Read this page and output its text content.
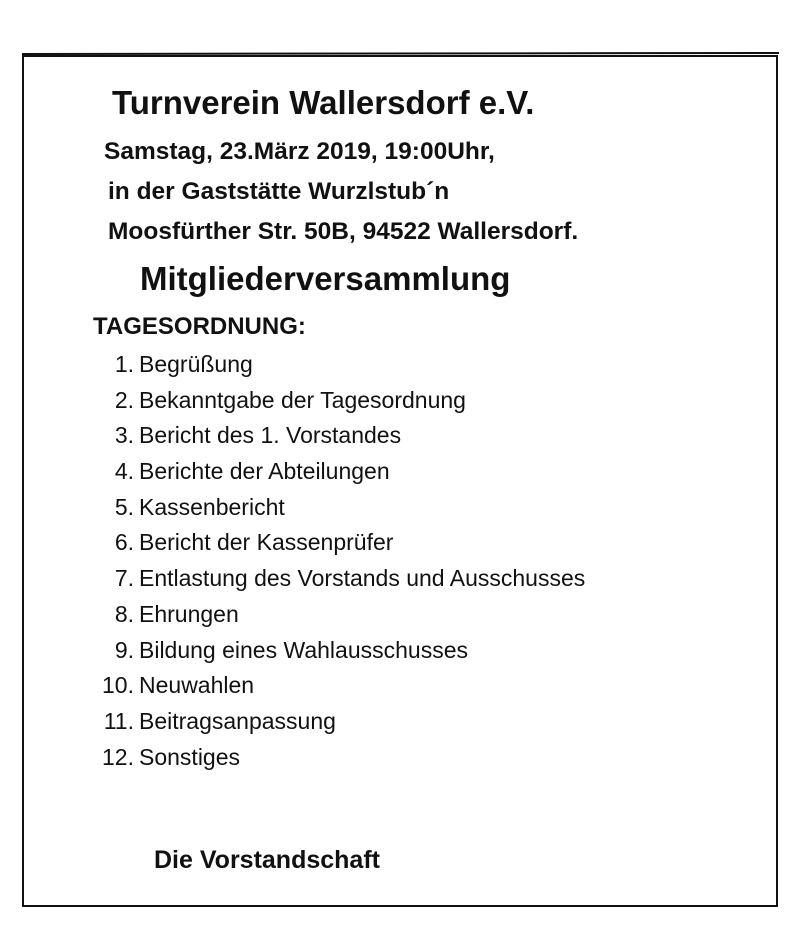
Turnverein Wallersdorf e.V.
Samstag, 23.März 2019, 19:00Uhr,
in der Gaststätte Wurzlstub´n
Moosfürther Str. 50B, 94522 Wallersdorf.
Mitgliederversammlung
TAGESORDNUNG:
1. Begrüßung
2. Bekanntgabe der Tagesordnung
3. Bericht des 1. Vorstandes
4. Berichte der Abteilungen
5. Kassenbericht
6. Bericht der Kassenprüfer
7. Entlastung des Vorstands und Ausschusses
8. Ehrungen
9. Bildung eines Wahlausschusses
10. Neuwahlen
11. Beitragsanpassung
12. Sonstiges
Die Vorstandschaft
